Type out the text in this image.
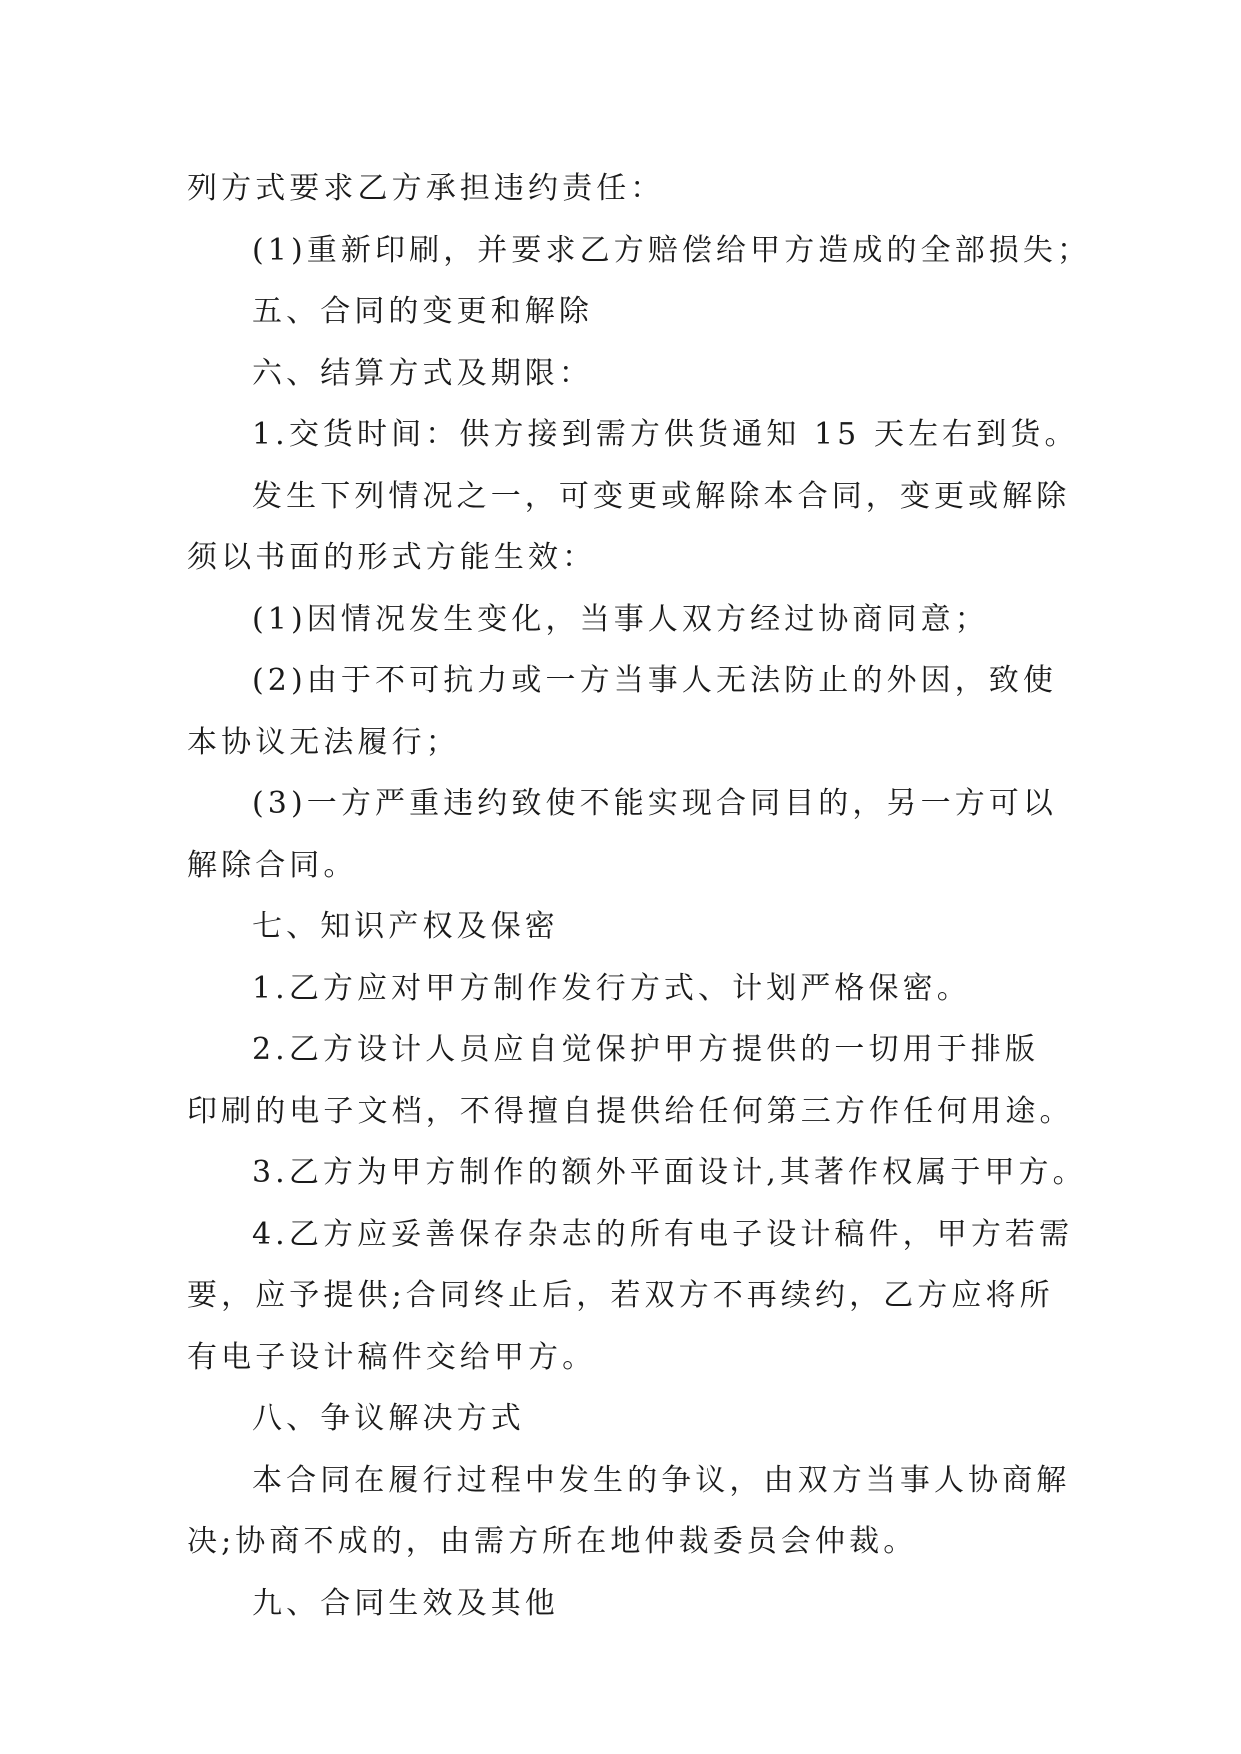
列方式要求乙方承担违约责任：

(1)重新印刷，并要求乙方赔偿给甲方造成的全部损失；

五、合同的变更和解除

六、结算方式及期限：

1.交货时间：供方接到需方供货通知 15 天左右到货。

发生下列情况之一，可变更或解除本合同，变更或解除

须以书面的形式方能生效：

(1)因情况发生变化，当事人双方经过协商同意；

(2)由于不可抗力或一方当事人无法防止的外因，致使

本协议无法履行；

(3)一方严重违约致使不能实现合同目的，另一方可以

解除合同。

七、知识产权及保密

1.乙方应对甲方制作发行方式、计划严格保密。

2.乙方设计人员应自觉保护甲方提供的一切用于排版

印刷的电子文档，不得擅自提供给任何第三方作任何用途。

3.乙方为甲方制作的额外平面设计,其著作权属于甲方。

4.乙方应妥善保存杂志的所有电子设计稿件，甲方若需

要，应予提供;合同终止后，若双方不再续约，乙方应将所

有电子设计稿件交给甲方。

八、争议解决方式

本合同在履行过程中发生的争议，由双方当事人协商解

决;协商不成的，由需方所在地仲裁委员会仲裁。

九、合同生效及其他
